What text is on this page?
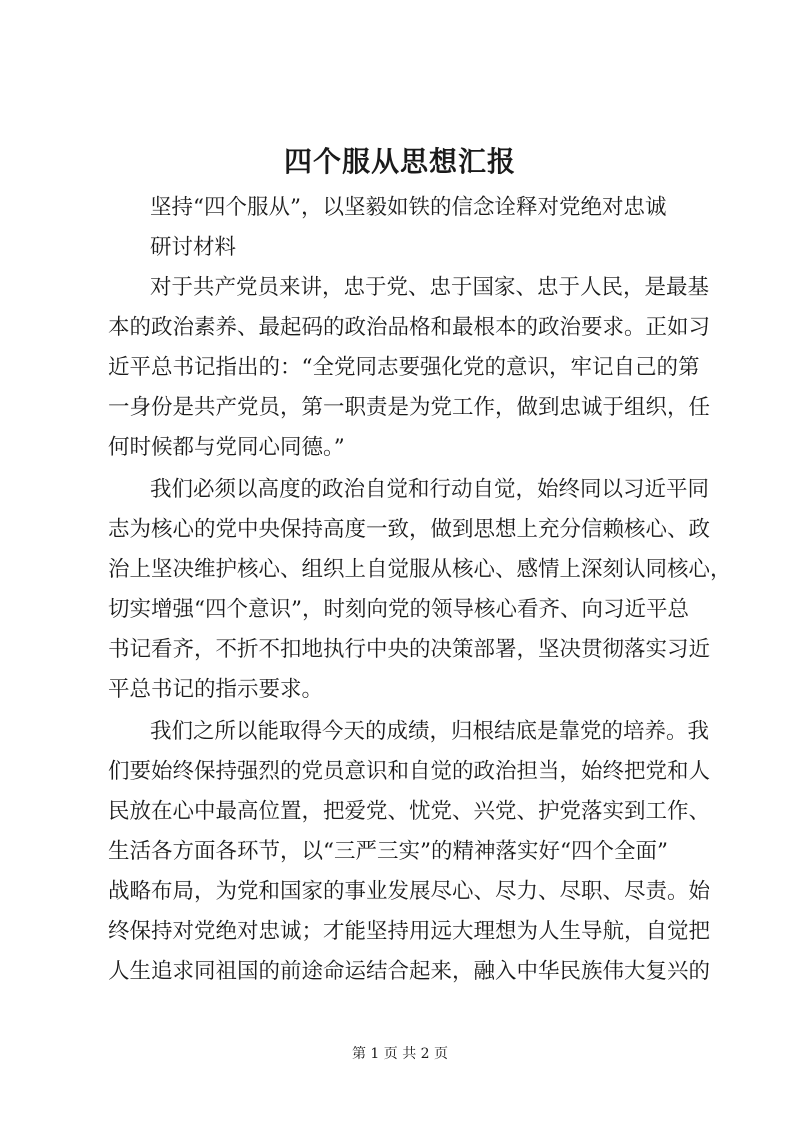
四个服从思想汇报

坚持“四个服从”，以坚毅如铁的信念诠释对党绝对忠诚

研讨材料

对于共产党员来讲，忠于党、忠于国家、忠于人民，是最基

本的政治素养、最起码的政治品格和最根本的政治要求。正如习

近平总书记指出的：“全党同志要强化党的意识，牢记自己的第

一身份是共产党员，第一职责是为党工作，做到忠诚于组织，任

何时候都与党同心同德。”

我们必须以高度的政治自觉和行动自觉，始终同以习近平同

志为核心的党中央保持高度一致，做到思想上充分信赖核心、政

治上坚决维护核心、组织上自觉服从核心、感情上深刻认同核心，

切实增强“四个意识”，时刻向党的领导核心看齐、向习近平总

书记看齐，不折不扣地执行中央的决策部署，坚决贯彻落实习近

平总书记的指示要求。

我们之所以能取得今天的成绩，归根结底是靠党的培养。我

们要始终保持强烈的党员意识和自觉的政治担当，始终把党和人

民放在心中最高位置，把爱党、忧党、兴党、护党落实到工作、

生活各方面各环节，以“三严三实”的精神落实好“四个全面”

战略布局，为党和国家的事业发展尽心、尽力、尽职、尽责。始

终保持对党绝对忠诚；才能坚持用远大理想为人生导航，自觉把

人生追求同祖国的前途命运结合起来，融入中华民族伟大复兴的

第 1 页 共 2 页
